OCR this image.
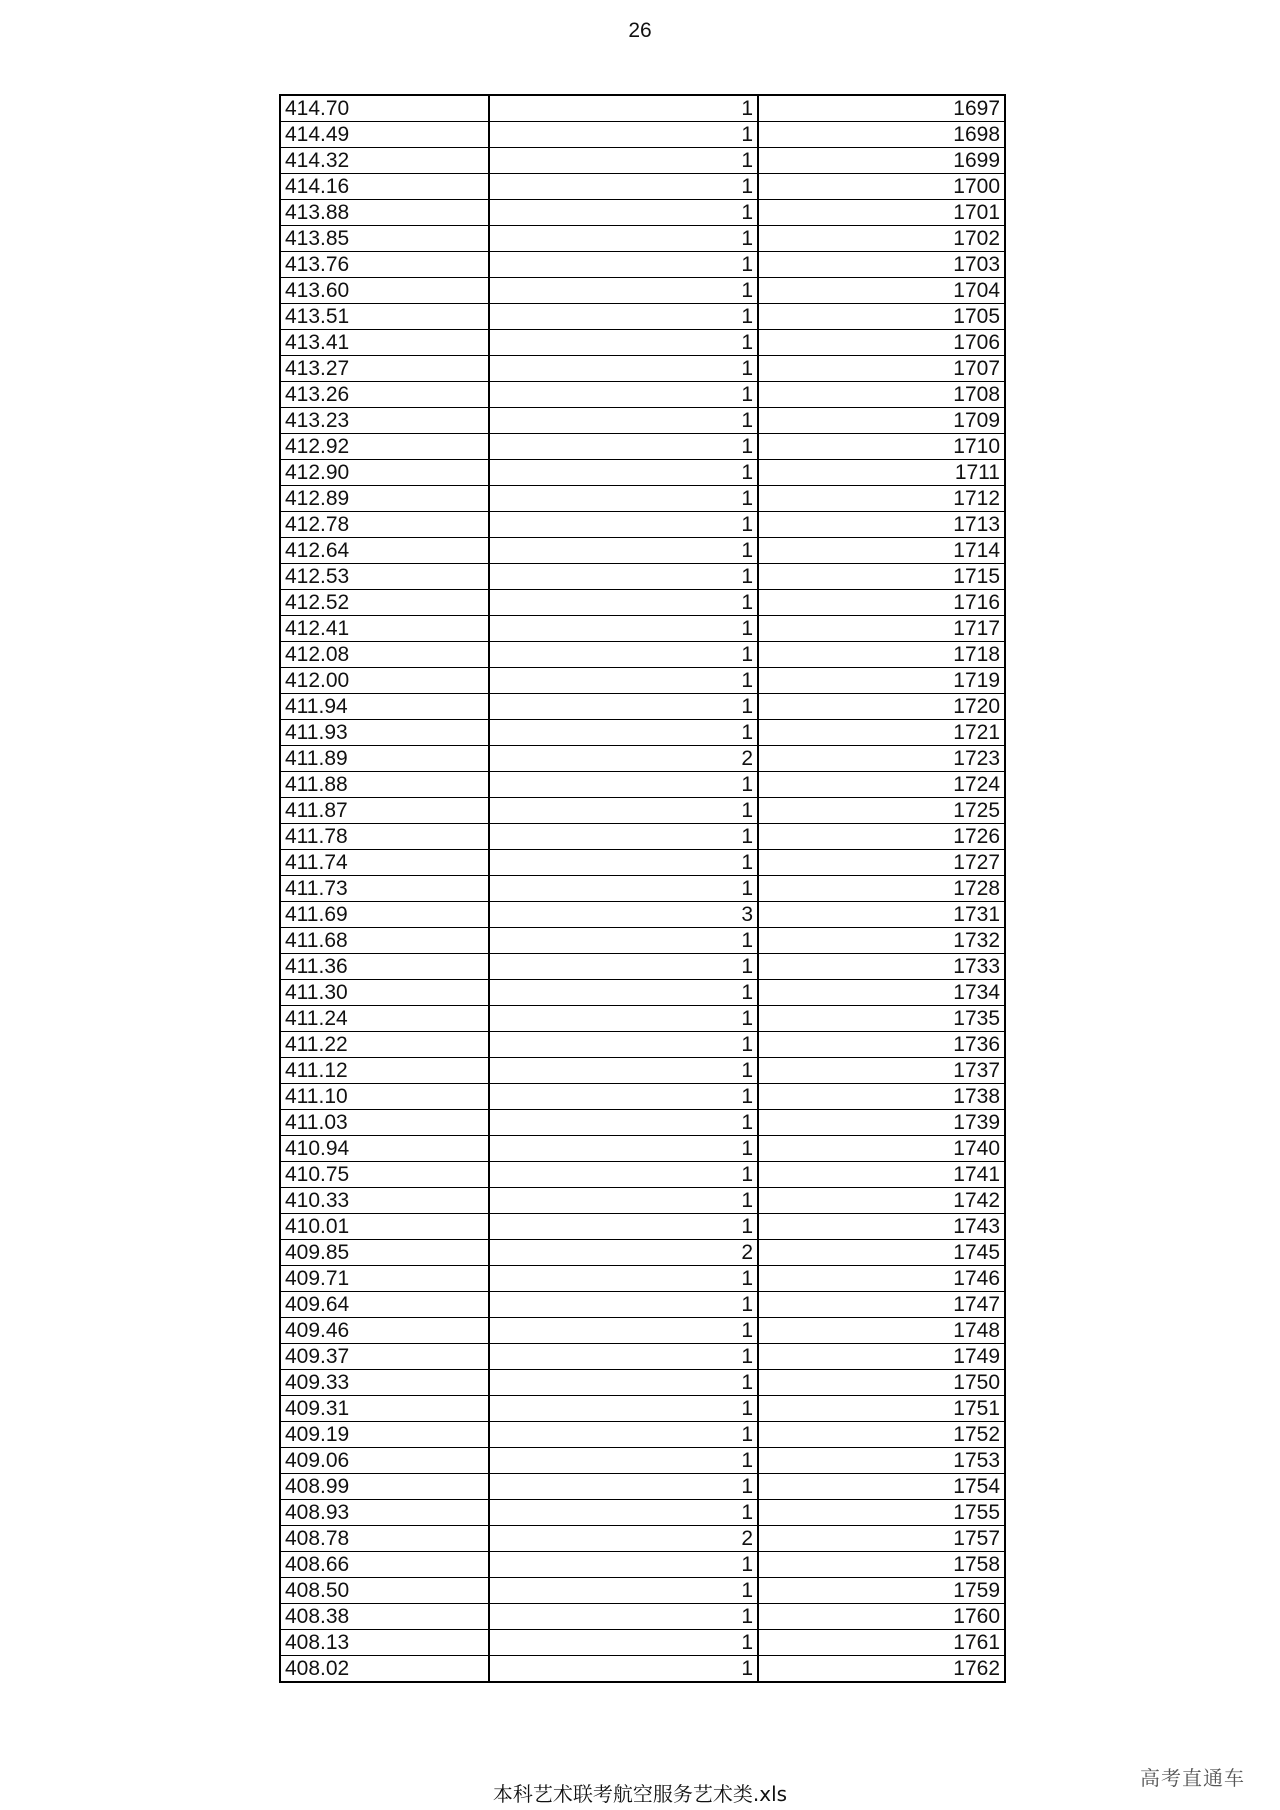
26
414.70	1	1697
414.49	1	1698
414.32	1	1699
414.16	1	1700
413.88	1	1701
413.85	1	1702
413.76	1	1703
413.60	1	1704
413.51	1	1705
413.41	1	1706
413.27	1	1707
413.26	1	1708
413.23	1	1709
412.92	1	1710
412.90	1	1711
412.89	1	1712
412.78	1	1713
412.64	1	1714
412.53	1	1715
412.52	1	1716
412.41	1	1717
412.08	1	1718
412.00	1	1719
411.94	1	1720
411.93	1	1721
411.89	2	1723
411.88	1	1724
411.87	1	1725
411.78	1	1726
411.74	1	1727
411.73	1	1728
411.69	3	1731
411.68	1	1732
411.36	1	1733
411.30	1	1734
411.24	1	1735
411.22	1	1736
411.12	1	1737
411.10	1	1738
411.03	1	1739
410.94	1	1740
410.75	1	1741
410.33	1	1742
410.01	1	1743
409.85	2	1745
409.71	1	1746
409.64	1	1747
409.46	1	1748
409.37	1	1749
409.33	1	1750
409.31	1	1751
409.19	1	1752
409.06	1	1753
408.99	1	1754
408.93	1	1755
408.78	2	1757
408.66	1	1758
408.50	1	1759
408.38	1	1760
408.13	1	1761
408.02	1	1762
本科艺术联考航空服务艺术类.xls
高考直通车
